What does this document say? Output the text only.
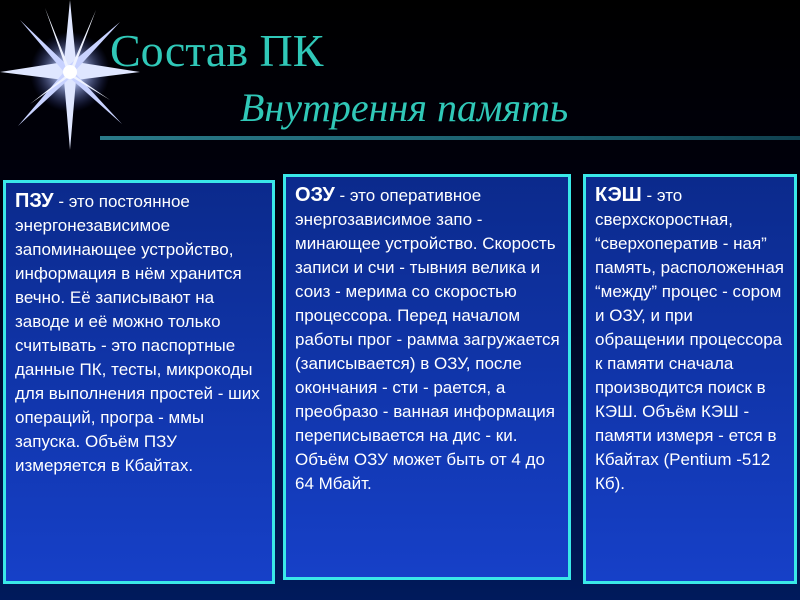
Состав ПК
Внутрення память
ПЗУ - это постоянное энергонезависимое запоминающее устройство, информация в нём хранится вечно. Её записывают на заводе и её можно только считывать - это паспортные данные ПК, тесты, микрокоды для выполнения простей - ших операций, програ - ммы запуска. Объём ПЗУ измеряется в Кбайтах.
ОЗУ - это оперативное энергозависимое запо - минающее устройство. Скорость записи и счи - тывния велика и соиз - мерима со скоростью процессора. Перед началом работы прог - рамма загружается (записывается) в ОЗУ, после окончания - сти - рается, а преобразо - ванная информация переписывается на дис - ки. Объём ОЗУ может быть от 4 до 64 Мбайт.
КЭШ - это сверхскоростная, “сверхоператив - ная” память, расположенная “между” процес - сором и ОЗУ, и при обращении процессора к памяти сначала производится поиск в КЭШ. Объём КЭШ - памяти измеря - ется в Кбайтах (Pentium -512 Кб).
